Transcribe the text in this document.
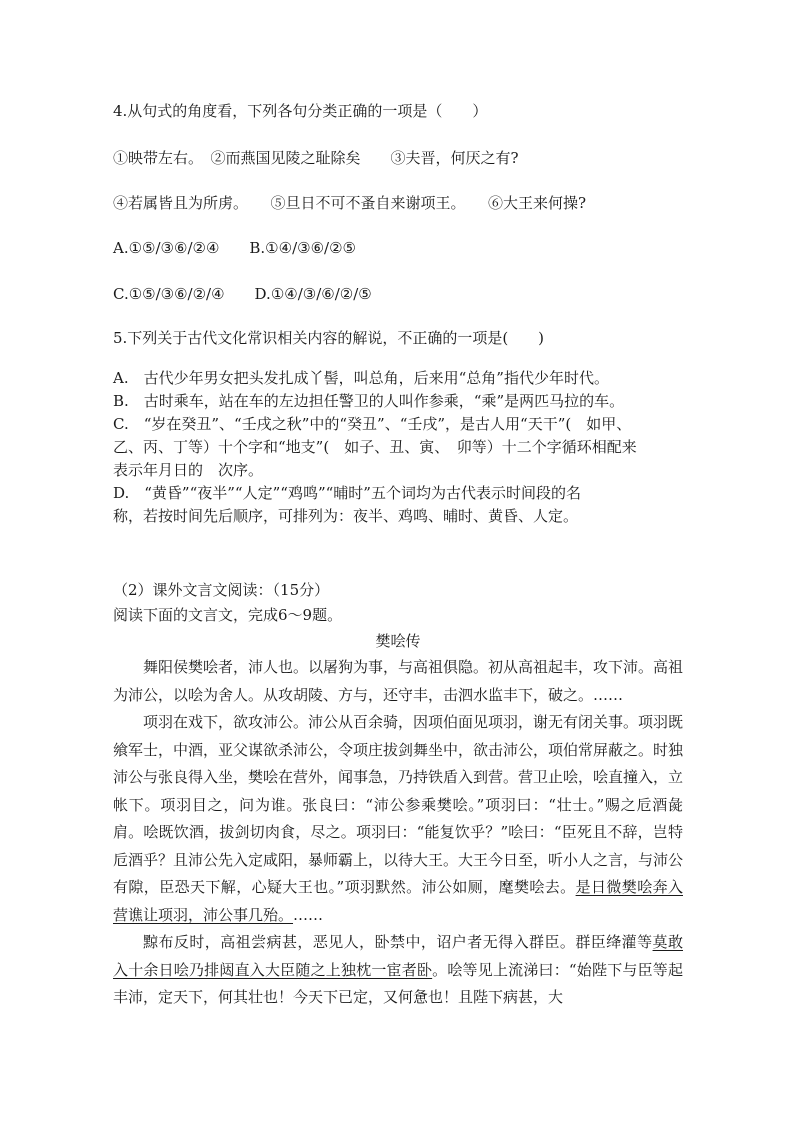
4.从句式的角度看，下列各句分类正确的一项是（　　）
①映带左右。　②而燕国见陵之耻除矣　　③夫晋，何厌之有?
④若属皆且为所虏。　　⑤旦日不可不蚤自来谢项王。　　⑥大王来何操?
A.①⑤/③⑥/②④　　B.①④/③⑥/②⑤
C.①⑤/③⑥/②/④　　D.①④/③/⑥/②/⑤
5.下列关于古代文化常识相关内容的解说，不正确的一项是(　　)
A.　古代少年男女把头发扎成丫髻，叫总角，后来用“总角”指代少年时代。
B.　古时乘车，站在车的左边担任警卫的人叫作参乘，“乘”是两匹马拉的车。
C.　“岁在癸丑”、“壬戌之秋”中的“癸丑”、“壬戌”，是古人用“天干”(　如甲、
乙、丙、丁等）十个字和“地支”(　如子、丑、寅、　卯等）十二个字循环相配来
表示年月日的　次序。
D.　“黄昏”“夜半”“人定”“鸡鸣”“晡时”五个词均为古代表示时间段的名
称，若按时间先后顺序，可排列为：夜半、鸡鸣、晡时、黄昏、人定。
（2）课外文言文阅读：（15分）
阅读下面的文言文，完成6～9题。
樊哙传

舞阳侯樊哙者，沛人也。以屠狗为事，与高祖俱隐。初从高祖起丰，攻下沛。高祖为沛公，以哙为舍人。从攻胡陵、方与，还守丰，击泗水监丰下，破之。……

项羽在戏下，欲攻沛公。沛公从百余骑，因项伯面见项羽，谢无有闭关事。项羽既飨军士，中酒，亚父谋欲杀沛公，令项庄拔剑舞坐中，欲击沛公，项伯常屏蔽之。时独沛公与张良得入坐，樊哙在营外，闻事急，乃持铁盾入到营。营卫止哙，哙直撞入，立帐下。项羽目之，问为谁。张良曰：“沛公参乘樊哙。”项羽曰：“壮士。”赐之卮酒彘肩。哙既饮酒，拔剑切肉食，尽之。项羽曰：“能复饮乎？”哙曰：“臣死且不辞，岂特卮酒乎？且沛公先入定咸阳，暴师霸上，以待大王。大王今日至，听小人之言，与沛公有隙，臣恐天下解，心疑大王也。”项羽默然。沛公如厕，麾樊哙去。是日微樊哙奔入营谯让项羽，沛公事几殆。……

黥布反时，高祖尝病甚，恶见人，卧禁中，诏户者无得入群臣。群臣绛灌等莫敢入十余日哙乃排闼直入大臣随之上独枕一宦者卧。哙等见上流涕曰：“始陛下与臣等起丰沛，定天下，何其壮也！今天下已定，又何惫也！且陛下病甚，大
